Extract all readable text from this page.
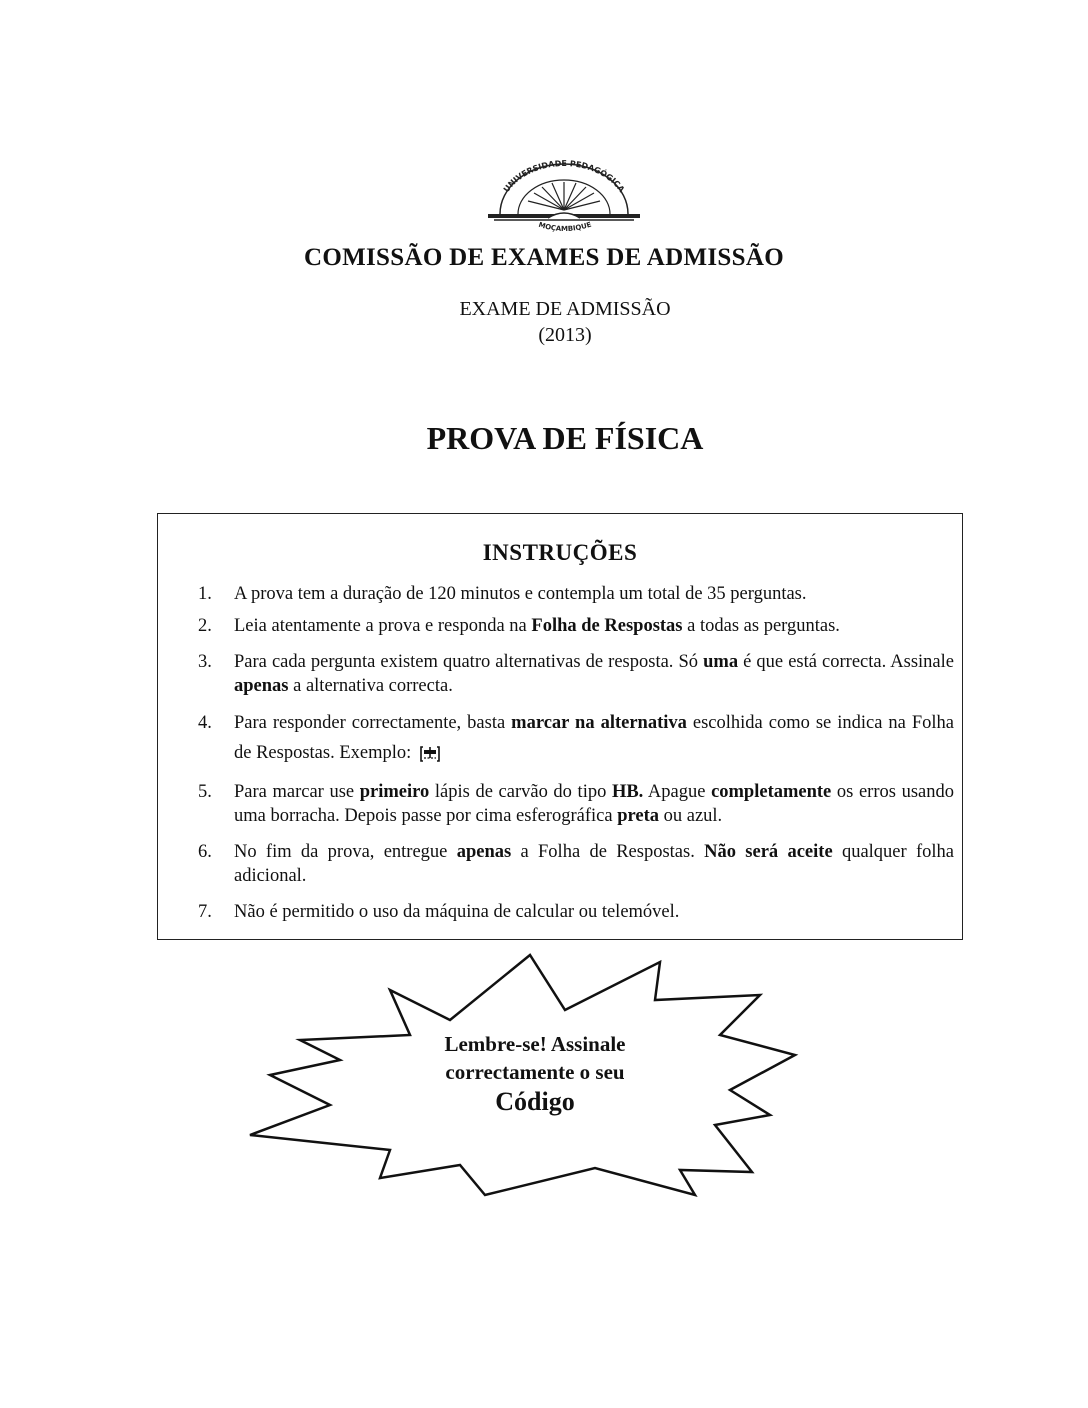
UNIVERSIDADE PEDAGÓGICA
MOÇAMBIQUE
COMISSÃO DE EXAMES DE ADMISSÃO
EXAME DE ADMISSÃO
(2013)
PROVA DE FÍSICA
INSTRUÇÕES
1. A prova tem a duração de 120 minutos e contempla um total de 35 perguntas.
2. Leia atentamente a prova e responda na Folha de Respostas a todas as perguntas.
3. Para cada pergunta existem quatro alternativas de resposta. Só uma é que está correcta. Assinale apenas a alternativa correcta.
4. Para responder correctamente, basta marcar na alternativa escolhida como se indica na Folha de Respostas. Exemplo:
5. Para marcar use primeiro lápis de carvão do tipo HB. Apague completamente os erros usando uma borracha. Depois passe por cima esferográfica preta ou azul.
6. No fim da prova, entregue apenas a Folha de Respostas. Não será aceite qualquer folha adicional.
7. Não é permitido o uso da máquina de calcular ou telemóvel.
Lembre-se! Assinale
correctamente o seu
Código
